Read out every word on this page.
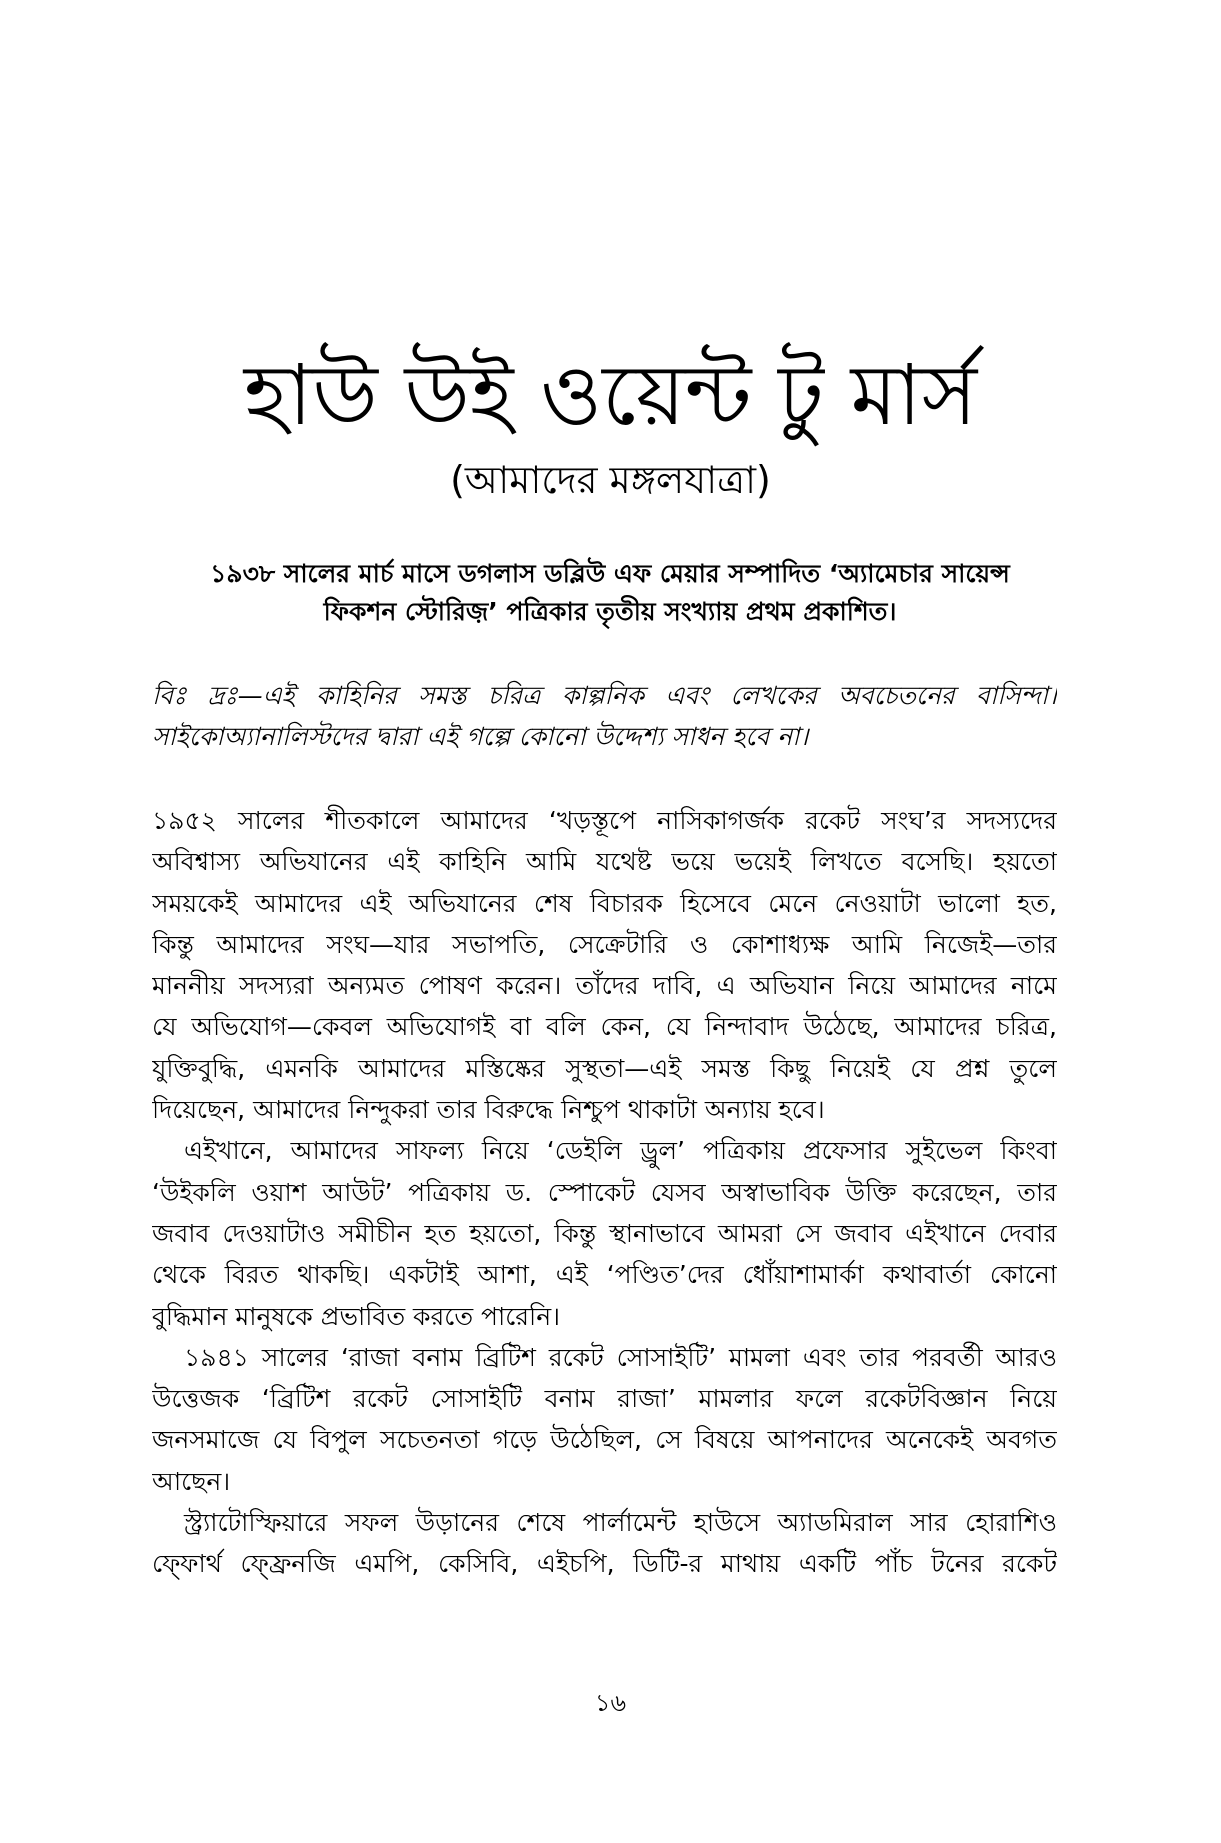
হাউ উই ওয়েন্ট টু মার্স
(আমাদের মঙ্গলযাত্রা)
১৯৩৮ সালের মার্চ মাসে ডগলাস ডব্লিউ এফ মেয়ার সম্পাদিত ‘অ্যামেচার সায়েন্স
ফিকশন স্টোরিজ়’ পত্রিকার তৃতীয় সংখ্যায় প্রথম প্রকাশিত।
বিঃ দ্রঃ—এই কাহিনির সমস্ত চরিত্র কাল্পনিক এবং লেখকের অবচেতনের বাসিন্দা।
সাইকোঅ্যানালিস্টদের দ্বারা এই গল্পে কোনো উদ্দেশ্য সাধন হবে না।
১৯৫২ সালের শীতকালে আমাদের ‘খড়স্তূপে নাসিকাগর্জক রকেট সংঘ’র সদস্যদের
অবিশ্বাস্য অভিযানের এই কাহিনি আমি যথেষ্ট ভয়ে ভয়েই লিখতে বসেছি। হয়তো
সময়কেই আমাদের এই অভিযানের শেষ বিচারক হিসেবে মেনে নেওয়াটা ভালো হত,
কিন্তু আমাদের সংঘ—যার সভাপতি, সেক্রেটারি ও কোশাধ্যক্ষ আমি নিজেই—তার
মাননীয় সদস্যরা অন্যমত পোষণ করেন। তাঁদের দাবি, এ অভিযান নিয়ে আমাদের নামে
যে অভিযোগ—কেবল অভিযোগই বা বলি কেন, যে নিন্দাবাদ উঠেছে, আমাদের চরিত্র,
যুক্তিবুদ্ধি, এমনকি আমাদের মস্তিষ্কের সুস্থতা—এই সমস্ত কিছু নিয়েই যে প্রশ্ন তুলে
দিয়েছেন, আমাদের নিন্দুকরা তার বিরুদ্ধে নিশ্চুপ থাকাটা অন্যায় হবে।
এইখানে, আমাদের সাফল্য নিয়ে ‘ডেইলি ড্রুল’ পত্রিকায় প্রফেসার সুইভেল কিংবা
‘উইকলি ওয়াশ আউট’ পত্রিকায় ড. স্পোকেট যেসব অস্বাভাবিক উক্তি করেছেন, তার
জবাব দেওয়াটাও সমীচীন হত হয়তো, কিন্তু স্থানাভাবে আমরা সে জবাব এইখানে দেবার
থেকে বিরত থাকছি। একটাই আশা, এই ‘পণ্ডিত’দের ধোঁয়াশামার্কা কথাবার্তা কোনো
বুদ্ধিমান মানুষকে প্রভাবিত করতে পারেনি।
১৯৪১ সালের ‘রাজা বনাম ব্রিটিশ রকেট সোসাইটি’ মামলা এবং তার পরবর্তী আরও
উত্তেজক ‘ব্রিটিশ রকেট সোসাইটি বনাম রাজা’ মামলার ফলে রকেটবিজ্ঞান নিয়ে
জনসমাজে যে বিপুল সচেতনতা গড়ে উঠেছিল, সে বিষয়ে আপনাদের অনেকেই অবগত
আছেন।
স্ট্র্যাটোস্ফিয়ারে সফল উড়ানের শেষে পার্লামেন্ট হাউসে অ্যাডমিরাল সার হোরাশিও
ফ্ফোর্থ ফ্ফ্রেনজি এমপি, কেসিবি, এইচপি, ডিটি-র মাথায় একটি পাঁচ টনের রকেট
১৬
